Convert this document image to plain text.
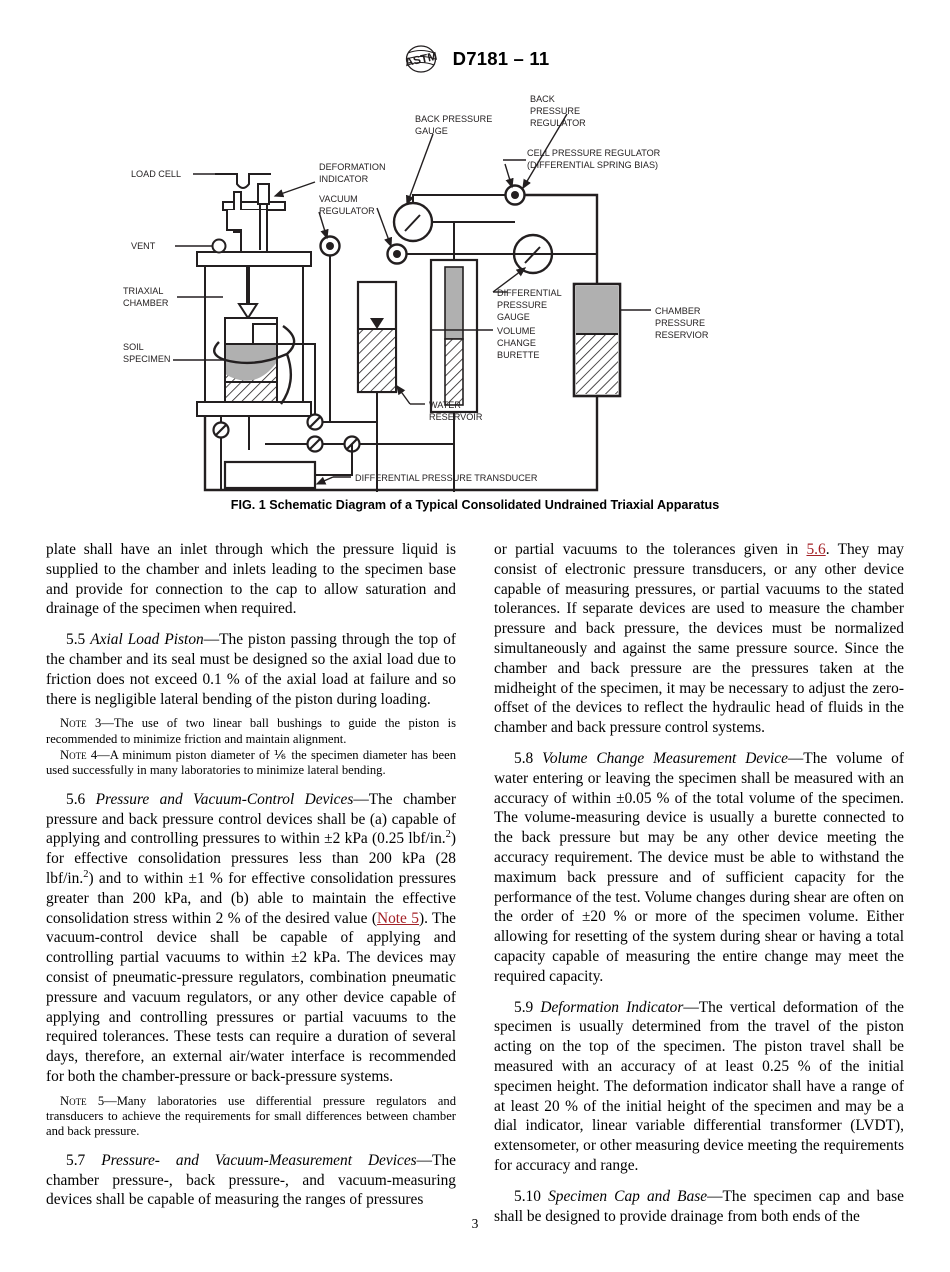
ASTM D7181 – 11
LOAD CELL
VENT
TRIAXIAL
CHAMBER
SOIL
SPECIMEN
DEFORMATION
INDICATOR
VACUUM
REGULATOR
BACK PRESSURE
GAUGE
BACK
PRESSURE
REGULATOR
CELL PRESSURE REGULATOR
(DIFFERENTIAL SPRING BIAS)
DIFFERENTIAL
PRESSURE
GAUGE
VOLUME
CHANGE
BURETTE
CHAMBER
PRESSURE
RESERVIOR
WATER
RESERVOIR
DIFFERENTIAL PRESSURE TRANSDUCER
FIG. 1 Schematic Diagram of a Typical Consolidated Undrained Triaxial Apparatus

plate shall have an inlet through which the pressure liquid is supplied to the chamber and inlets leading to the specimen base and provide for connection to the cap to allow saturation and drainage of the specimen when required.

5.5 Axial Load Piston—The piston passing through the top of the chamber and its seal must be designed so the axial load due to friction does not exceed 0.1 % of the axial load at failure and so there is negligible lateral bending of the piston during loading.

Note 3—The use of two linear ball bushings to guide the piston is recommended to minimize friction and maintain alignment.

Note 4—A minimum piston diameter of ⅙ the specimen diameter has been used successfully in many laboratories to minimize lateral bending.

5.6 Pressure and Vacuum-Control Devices—The chamber pressure and back pressure control devices shall be (a) capable of applying and controlling pressures to within ±2 kPa (0.25 lbf/in.$^2$) for effective consolidation pressures less than 200 kPa (28 lbf/in.$^2$) and to within ±1 % for effective consolidation pressures greater than 200 kPa, and (b) able to maintain the effective consolidation stress within 2 % of the desired value (Note 5). The vacuum-control device shall be capable of applying and controlling partial vacuums to within ±2 kPa. The devices may consist of pneumatic-pressure regulators, combination pneumatic pressure and vacuum regulators, or any other device capable of applying and controlling pressures or partial vacuums to the required tolerances. These tests can require a duration of several days, therefore, an external air/water interface is recommended for both the chamber-pressure or back-pressure systems.

Note 5—Many laboratories use differential pressure regulators and transducers to achieve the requirements for small differences between chamber and back pressure.

5.7 Pressure- and Vacuum-Measurement Devices—The chamber pressure-, back pressure-, and vacuum-measuring devices shall be capable of measuring the ranges of pressures

or partial vacuums to the tolerances given in 5.6. They may consist of electronic pressure transducers, or any other device capable of measuring pressures, or partial vacuums to the stated tolerances. If separate devices are used to measure the chamber pressure and back pressure, the devices must be normalized simultaneously and against the same pressure source. Since the chamber and back pressure are the pressures taken at the midheight of the specimen, it may be necessary to adjust the zero-offset of the devices to reflect the hydraulic head of fluids in the chamber and back pressure control systems.

5.8 Volume Change Measurement Device—The volume of water entering or leaving the specimen shall be measured with an accuracy of within ±0.05 % of the total volume of the specimen. The volume-measuring device is usually a burette connected to the back pressure but may be any other device meeting the accuracy requirement. The device must be able to withstand the maximum back pressure and of sufficient capacity for the performance of the test. Volume changes during shear are often on the order of ±20 % or more of the specimen volume. Either allowing for resetting of the system during shear or having a total capacity capable of measuring the entire change may meet the required capacity.

5.9 Deformation Indicator—The vertical deformation of the specimen is usually determined from the travel of the piston acting on the top of the specimen. The piston travel shall be measured with an accuracy of at least 0.25 % of the initial specimen height. The deformation indicator shall have a range of at least 20 % of the initial height of the specimen and may be a dial indicator, linear variable differential transformer (LVDT), extensometer, or other measuring device meeting the requirements for accuracy and range.

5.10 Specimen Cap and Base—The specimen cap and base shall be designed to provide drainage from both ends of the

3
